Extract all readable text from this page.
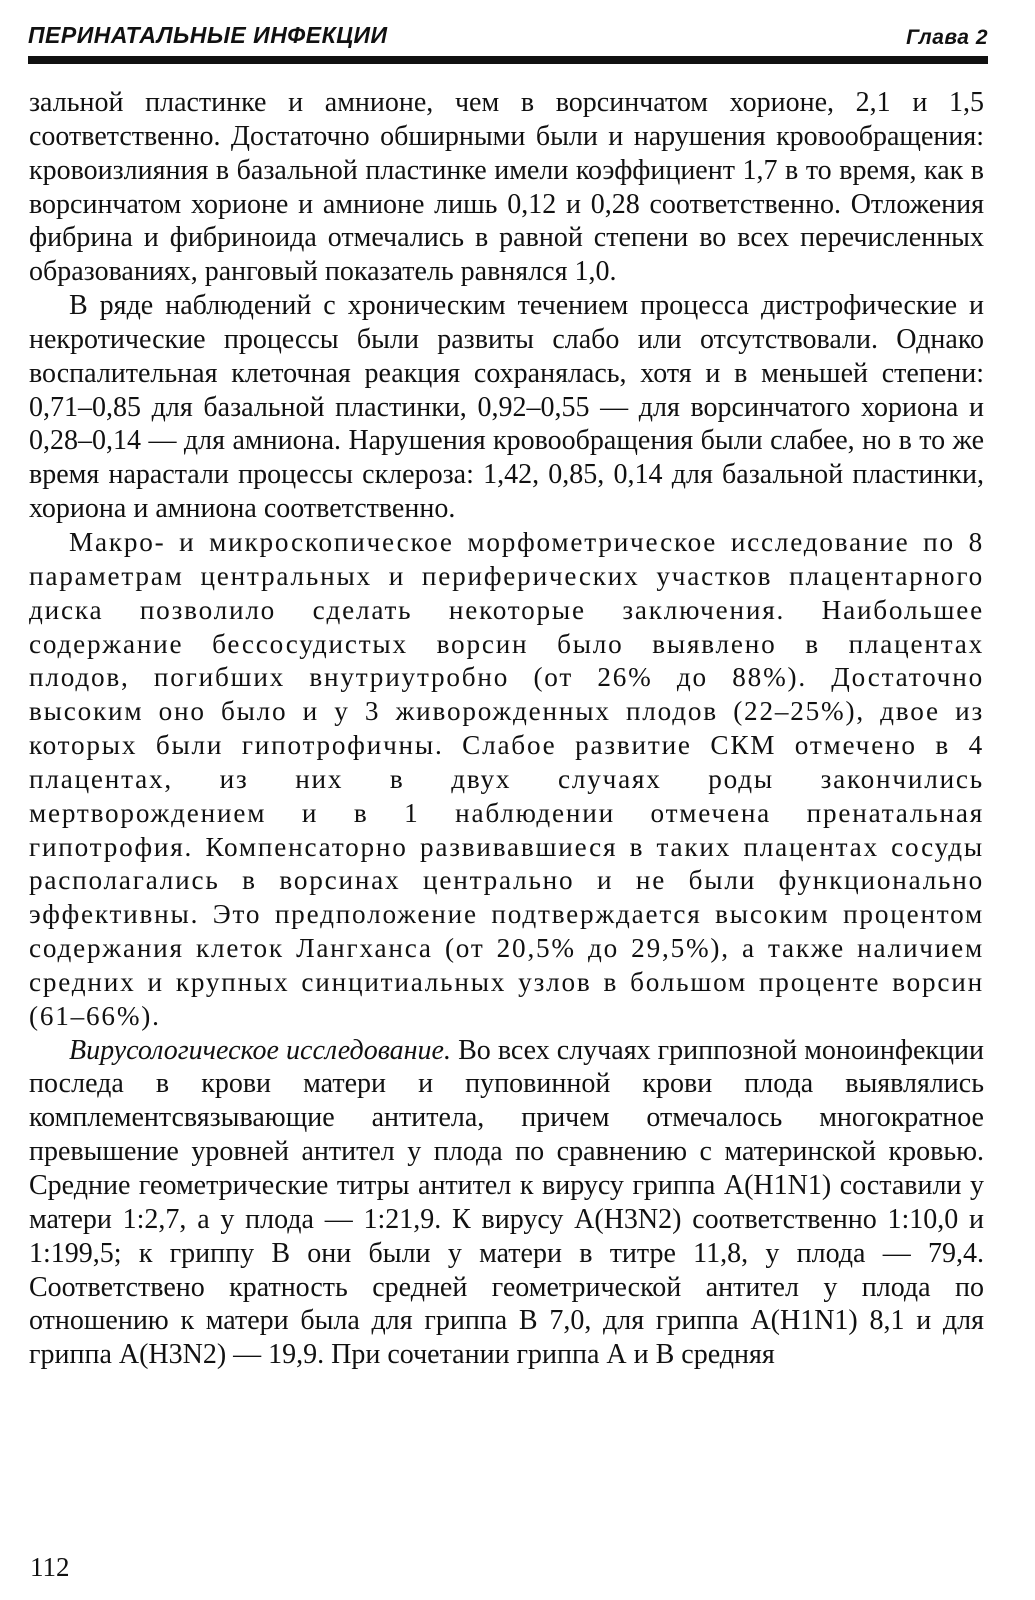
ПЕРИНАТАЛЬНЫЕ ИНФЕКЦИИ	Глава 2

зальной пластинке и амнионе, чем в ворсинчатом хорионе, 2,1 и 1,5 соответственно. Достаточно обширными были и нарушения кровообращения: кровоизлияния в базальной пластинке имели коэффициент 1,7 в то время, как в ворсинчатом хорионе и амнионе лишь 0,12 и 0,28 соответственно. Отложения фибрина и фибриноида отмечались в равной степени во всех перечисленных образованиях, ранговый показатель равнялся 1,0.

В ряде наблюдений с хроническим течением процесса дистрофические и некротические процессы были развиты слабо или отсутствовали. Однако воспалительная клеточная реакция сохранялась, хотя и в меньшей степени: 0,71–0,85 для базальной пластинки, 0,92–0,55 — для ворсинчатого хориона и 0,28–0,14 — для амниона. Нарушения кровообращения были слабее, но в то же время нарастали процессы склероза: 1,42, 0,85, 0,14 для базальной пластинки, хориона и амниона соответственно.

Макро- и микроскопическое морфометрическое исследование по 8 параметрам центральных и периферических участков плацентарного диска позволило сделать некоторые заключения. Наибольшее содержание бессосудистых ворсин было выявлено в плацентах плодов, погибших внутриутробно (от 26% до 88%). Достаточно высоким оно было и у 3 живорожденных плодов (22–25%), двое из которых были гипотрофичны. Слабое развитие СКМ отмечено в 4 плацентах, из них в двух случаях роды закончились мертворождением и в 1 наблюдении отмечена пренатальная гипотрофия. Компенсаторно развивавшиеся в таких плацентах сосуды располагались в ворсинах центрально и не были функционально эффективны. Это предположение подтверждается высоким процентом содержания клеток Лангханса (от 20,5% до 29,5%), а также наличием средних и крупных синцитиальных узлов в большом проценте ворсин (61–66%).

Вирусологическое исследование. Во всех случаях гриппозной моноинфекции последа в крови матери и пуповинной крови плода выявлялись комплементсвязывающие антитела, причем отмечалось многократное превышение уровней антител у плода по сравнению с материнской кровью. Средние геометрические титры антител к вирусу гриппа A(H1N1) составили у матери 1:2,7, а у плода — 1:21,9. К вирусу A(H3N2) соответственно 1:10,0 и 1:199,5; к гриппу В они были у матери в титре 11,8, у плода — 79,4. Соответствено кратность средней геометрической антител у плода по отношению к матери была для гриппа В 7,0, для гриппа A(H1N1) 8,1 и для гриппа A(H3N2) — 19,9. При сочетании гриппа А и В средняя

112
